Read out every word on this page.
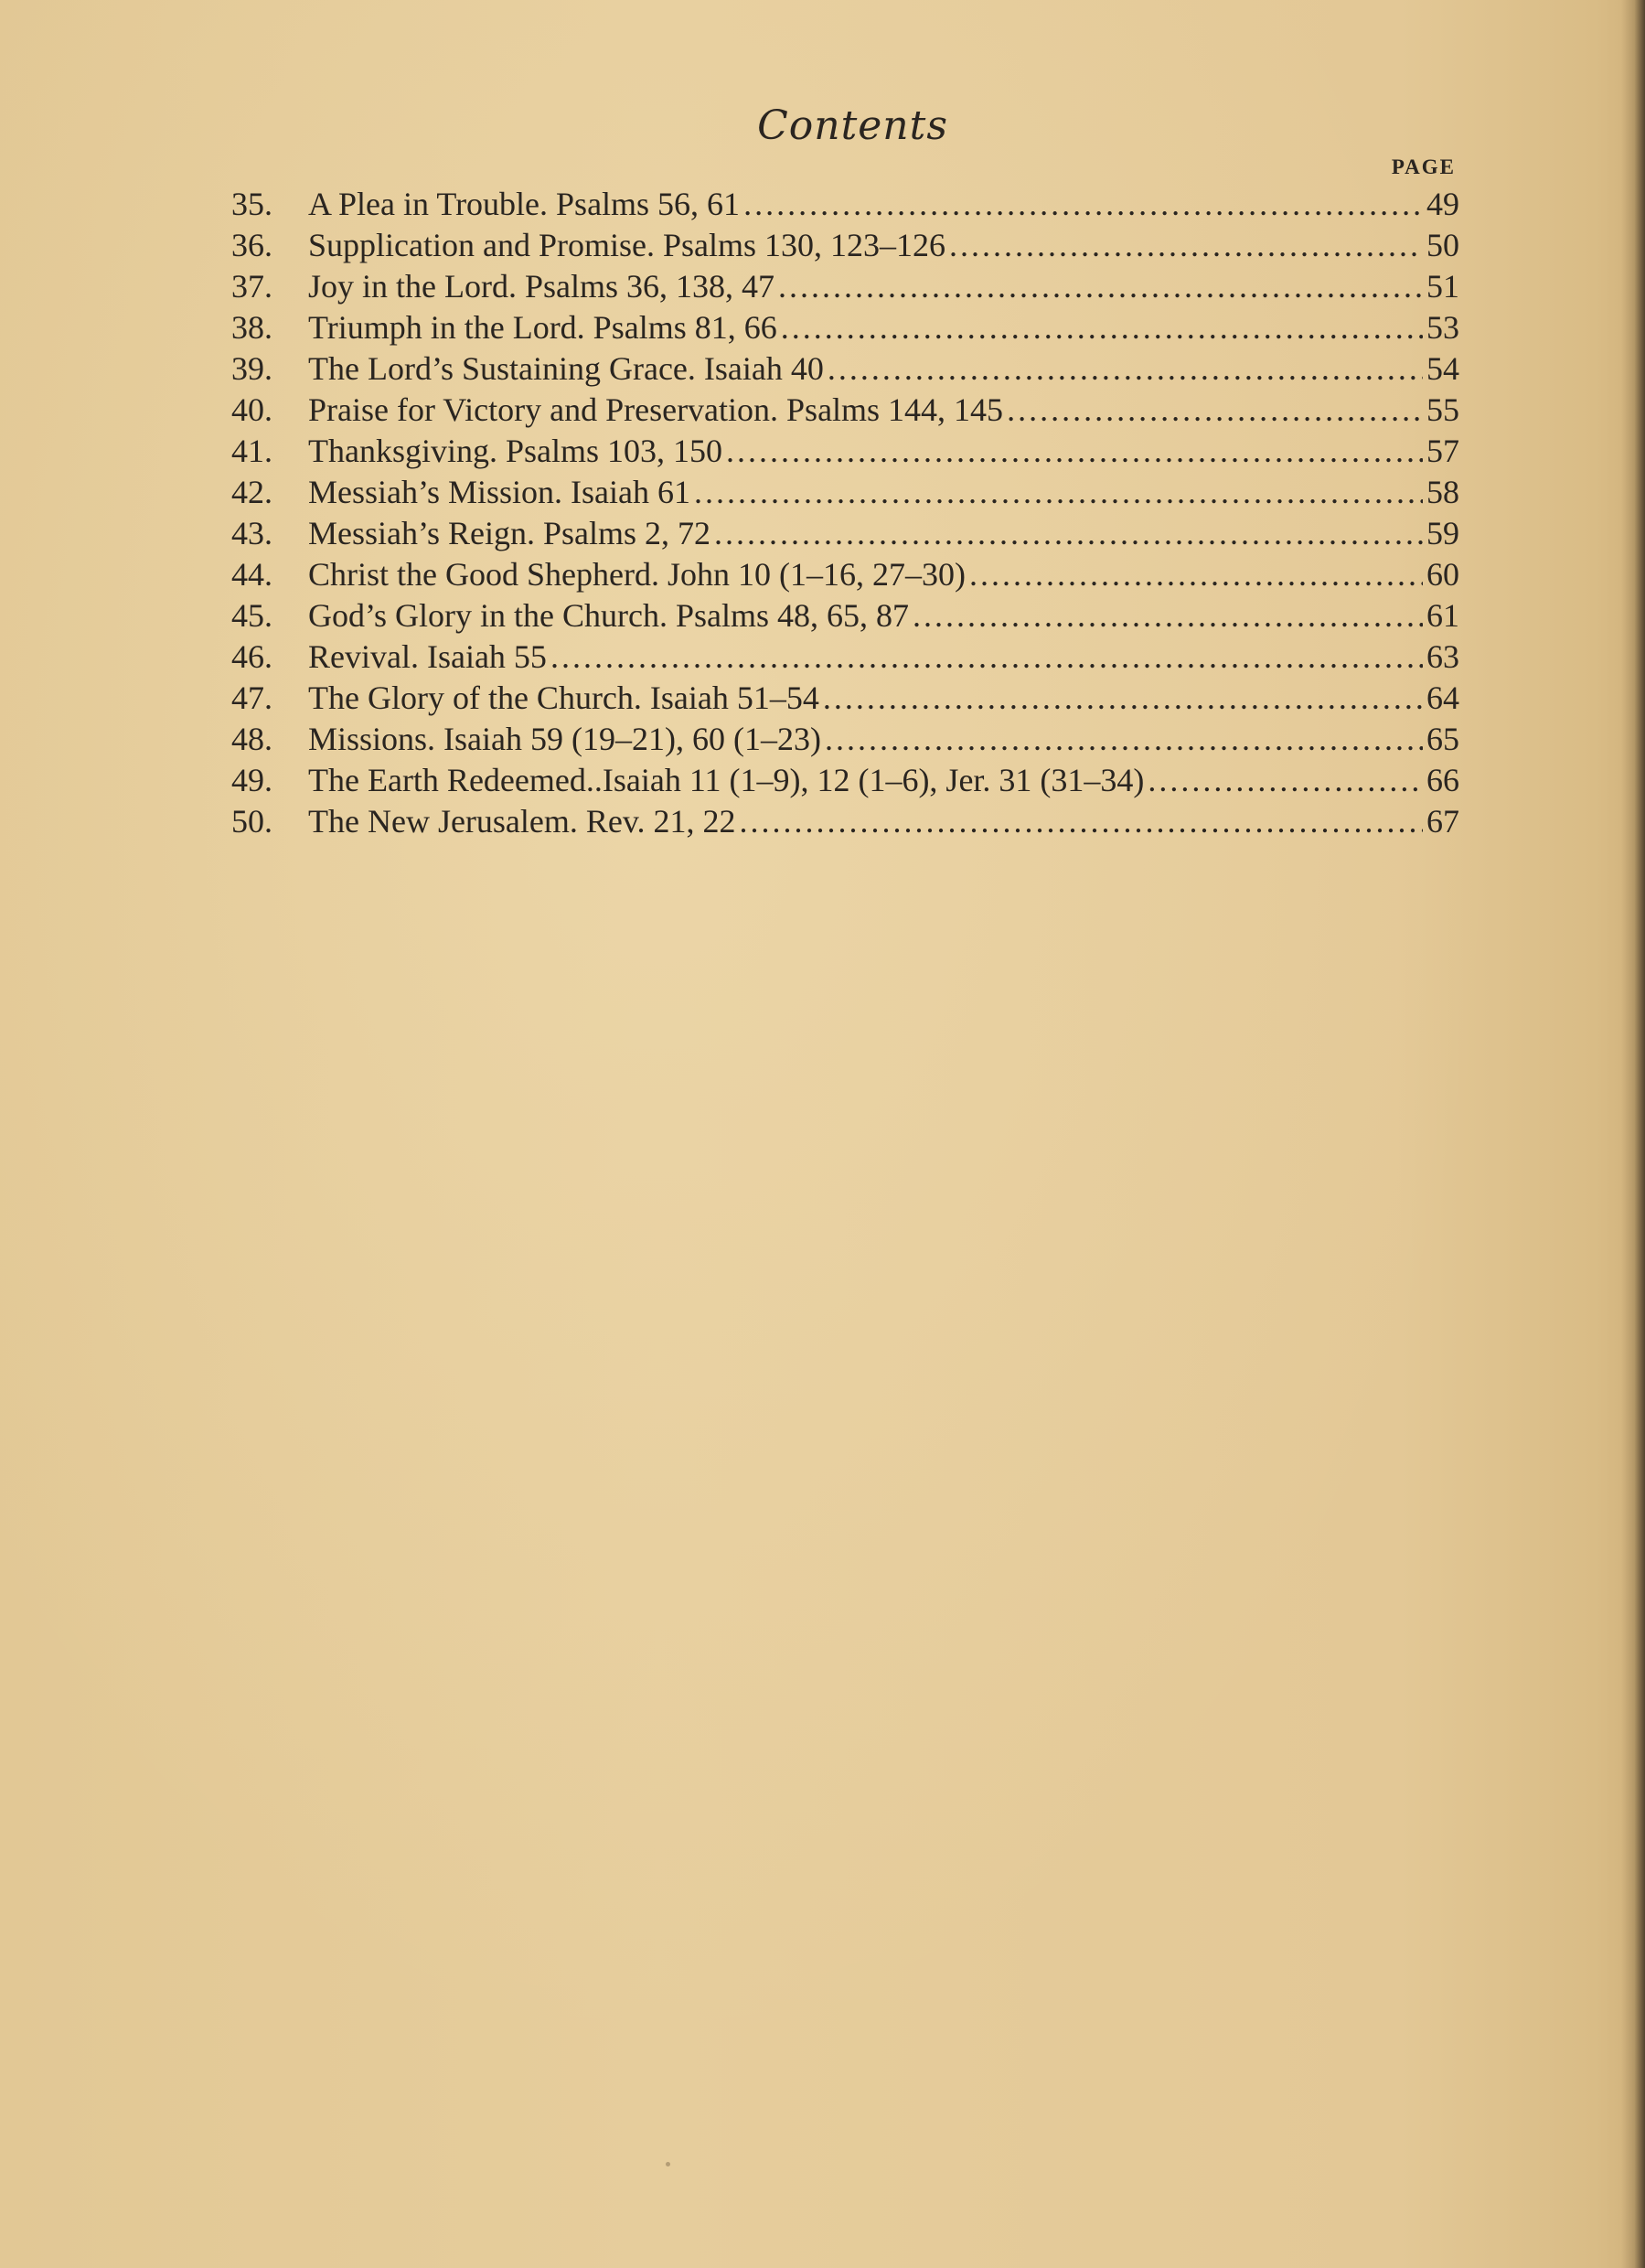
Contents
PAGE
35.	A Plea in Trouble. Psalms 56, 61 .....	49
36.	Supplication and Promise. Psalms 130, 123–126 .....	50
37.	Joy in the Lord. Psalms 36, 138, 47 .....	51
38.	Triumph in the Lord. Psalms 81, 66 .....	53
39.	The Lord’s Sustaining Grace. Isaiah 40 .....	54
40.	Praise for Victory and Preservation. Psalms 144, 145 .....	55
41.	Thanksgiving. Psalms 103, 150 .....	57
42.	Messiah’s Mission. Isaiah 61 .....	58
43.	Messiah’s Reign. Psalms 2, 72 .....	59
44.	Christ the Good Shepherd. John 10 (1–16, 27–30) .....	60
45.	God’s Glory in the Church. Psalms 48, 65, 87 .....	61
46.	Revival. Isaiah 55 .....	63
47.	The Glory of the Church. Isaiah 51–54 .....	64
48.	Missions. Isaiah 59 (19–21), 60 (1–23) .....	65
49.	The Earth Redeemed..Isaiah 11 (1–9), 12 (1–6), Jer. 31 (31–34) .....	66
50.	The New Jerusalem. Rev. 21, 22 .....	67
